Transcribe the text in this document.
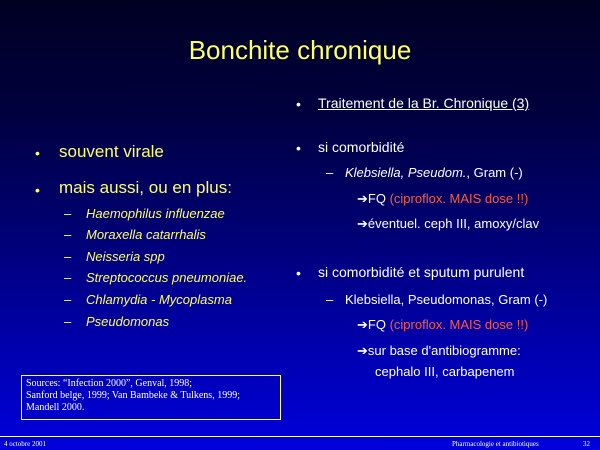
Bonchite chronique
• souvent virale
• mais aussi, ou en plus:
– Haemophilus influenzae
– Moraxella catarrhalis
– Neisseria spp
– Streptococcus pneumoniae.
– Chlamydia - Mycoplasma
– Pseudomonas
• Traitement de la Br. Chronique (3)
• si comorbidité
– Klebsiella, Pseudom., Gram (-)
➔FQ (ciproflox. MAIS dose !!)
➔éventuel. ceph III, amoxy/clav
• si comorbidité et sputum purulent
– Klebsiella, Pseudomonas, Gram (-)
➔FQ (ciproflox. MAIS dose !!)
➔sur base d'antibiogramme:
cephalo III, carbapenem
Sources: “Infection 2000”, Genval, 1998;
Sanford belge, 1999; Van Bambeke & Tulkens, 1999;
Mandell 2000.
4 octobre 2001	Pharmacologie et antibiotiques	32
